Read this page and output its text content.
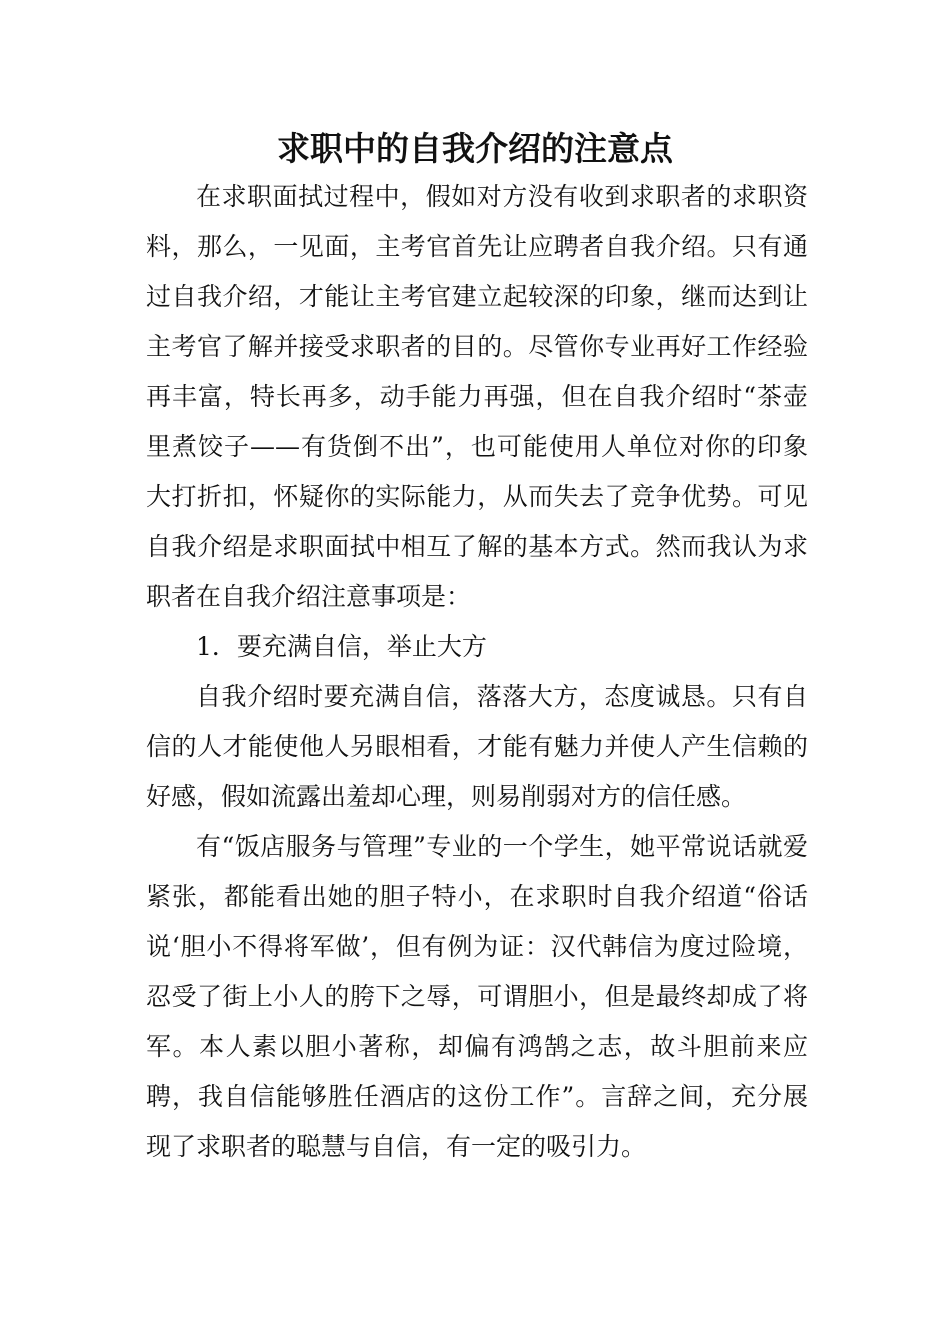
求职中的自我介绍的注意点

在求职面拭过程中，假如对方没有收到求职者的求职资料，那么，一见面，主考官首先让应聘者自我介绍。只有通过自我介绍，才能让主考官建立起较深的印象，继而达到让主考官了解并接受求职者的目的。尽管你专业再好工作经验再丰富，特长再多，动手能力再强，但在自我介绍时“茶壶里煮饺子——有货倒不出”，也可能使用人单位对你的印象大打折扣，怀疑你的实际能力，从而失去了竞争优势。可见自我介绍是求职面拭中相互了解的基本方式。然而我认为求职者在自我介绍注意事项是：

1．要充满自信，举止大方

自我介绍时要充满自信，落落大方，态度诚恳。只有自信的人才能使他人另眼相看，才能有魅力并使人产生信赖的好感，假如流露出羞却心理，则易削弱对方的信任感。

有“饭店服务与管理”专业的一个学生，她平常说话就爱紧张，都能看出她的胆子特小，在求职时自我介绍道“俗话说‘胆小不得将军做’，但有例为证：汉代韩信为度过险境，忍受了街上小人的胯下之辱，可谓胆小，但是最终却成了将军。本人素以胆小著称，却偏有鸿鹄之志，故斗胆前来应聘，我自信能够胜任酒店的这份工作”。言辞之间，充分展现了求职者的聪慧与自信，有一定的吸引力。
